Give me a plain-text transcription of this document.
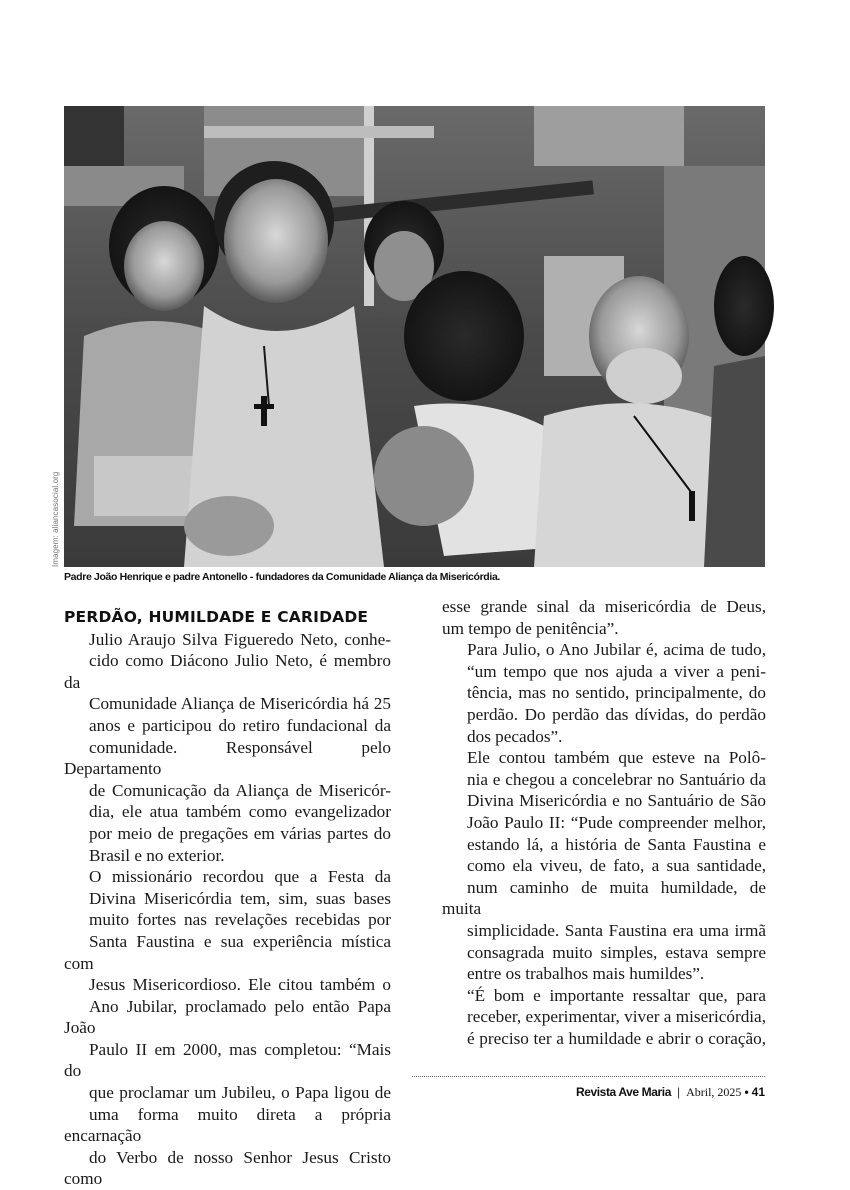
Imagem: aliancasocial.org
Padre João Henrique e padre Antonello - fundadores da Comunidade Aliança da Misericórdia.
PERDÃO, HUMILDADE E CARIDADE
Julio Araujo Silva Figueredo Neto, conhe-
cido como Diácono Julio Neto, é membro da
Comunidade Aliança de Misericórdia há 25
anos e participou do retiro fundacional da
comunidade. Responsável pelo Departamento
de Comunicação da Aliança de Misericór-
dia, ele atua também como evangelizador
por meio de pregações em várias partes do
Brasil e no exterior.
O missionário recordou que a Festa da
Divina Misericórdia tem, sim, suas bases
muito fortes nas revelações recebidas por
Santa Faustina e sua experiência mística com
Jesus Misericordioso. Ele citou também o
Ano Jubilar, proclamado pelo então Papa João
Paulo II em 2000, mas completou: “Mais do
que proclamar um Jubileu, o Papa ligou de
uma forma muito direta a própria encarnação
do Verbo de nosso Senhor Jesus Cristo como
esse grande sinal da misericórdia de Deus,
um tempo de penitência”.
Para Julio, o Ano Jubilar é, acima de tudo,
“um tempo que nos ajuda a viver a peni-
tência, mas no sentido, principalmente, do
perdão. Do perdão das dívidas, do perdão
dos pecados”.
Ele contou também que esteve na Polô-
nia e chegou a concelebrar no Santuário da
Divina Misericórdia e no Santuário de São
João Paulo II: “Pude compreender melhor,
estando lá, a história de Santa Faustina e
como ela viveu, de fato, a sua santidade,
num caminho de muita humildade, de muita
simplicidade. Santa Faustina era uma irmã
consagrada muito simples, estava sempre
entre os trabalhos mais humildes”.
“É bom e importante ressaltar que, para
receber, experimentar, viver a misericórdia,
é preciso ter a humildade e abrir o coração,
Revista Ave Maria | Abril, 2025 • 41
